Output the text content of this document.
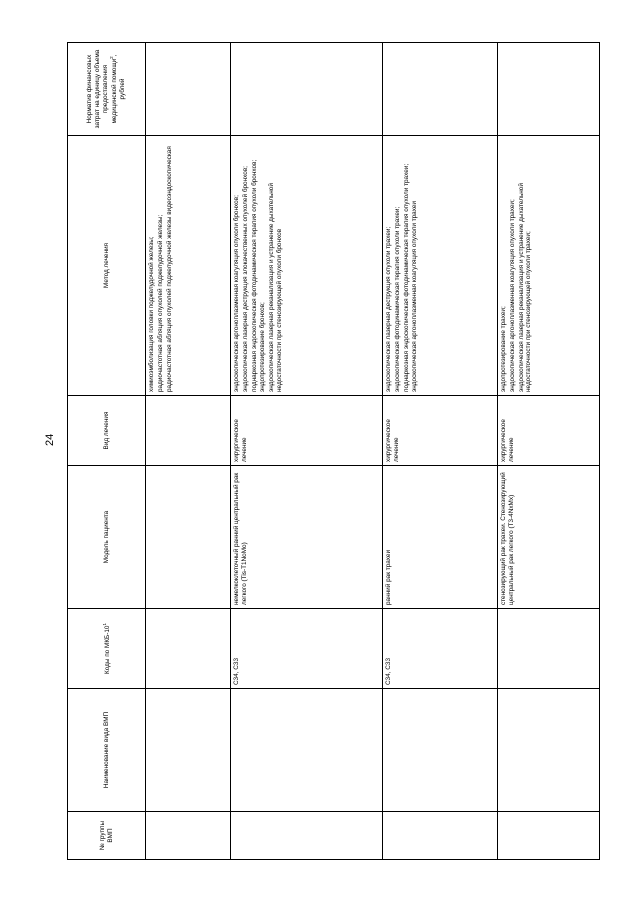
24
№ группы ВМП	Наименование вида ВМП	Коды по МКБ-$10^1$	Модель пациента	Вид лечения	Метод лечения	Норматив финансовых затрат на единицу объема предоставления медицинской помощи$^2$, рублей

					химиоэмболизация головки поджелудочной железы; радиочастотная абляция опухолей поджелудочной железы; радиочастотная абляция опухолей поджелудочной железы видеоэндоскопическая	

		C34, C33	немелкоклеточный ранний центральный рак легкого (Tis-T1NoMo)	хирургическое лечение	эндоскопическая аргоноплазменная коагуляция опухоли бронхов; эндоскопическая лазерная деструкция злокачественных опухолей бронхов; поднаркозная эндоскопическая фотодинамическая терапия опухоли бронхов; эндопротезирование бронхов; эндоскопическая лазерная реканализация и устранение дыхательной недостаточности при стенозирующей опухоли бронхов	

		C34, C33	ранний рак трахеи	хирургическое лечение	эндоскопическая лазерная деструкция опухоли трахеи; эндоскопическая фотодинамическая терапия опухоли трахеи; поднаркозная эндоскопическая фотодинамическая терапия опухоли трахеи; эндоскопическая аргоноплазменная коагуляция опухоли трахеи	

			стенозирующий рак трахеи. Стенозирующий центральный рак легкого (T3-4NxMx)	хирургическое лечение	эндопротезирование трахеи; эндоскопическая аргоноплазменная коагуляция опухоли трахеи; эндоскопическая лазерная реканализация и устранение дыхательной недостаточности при стенозирующей опухоли трахеи;	
